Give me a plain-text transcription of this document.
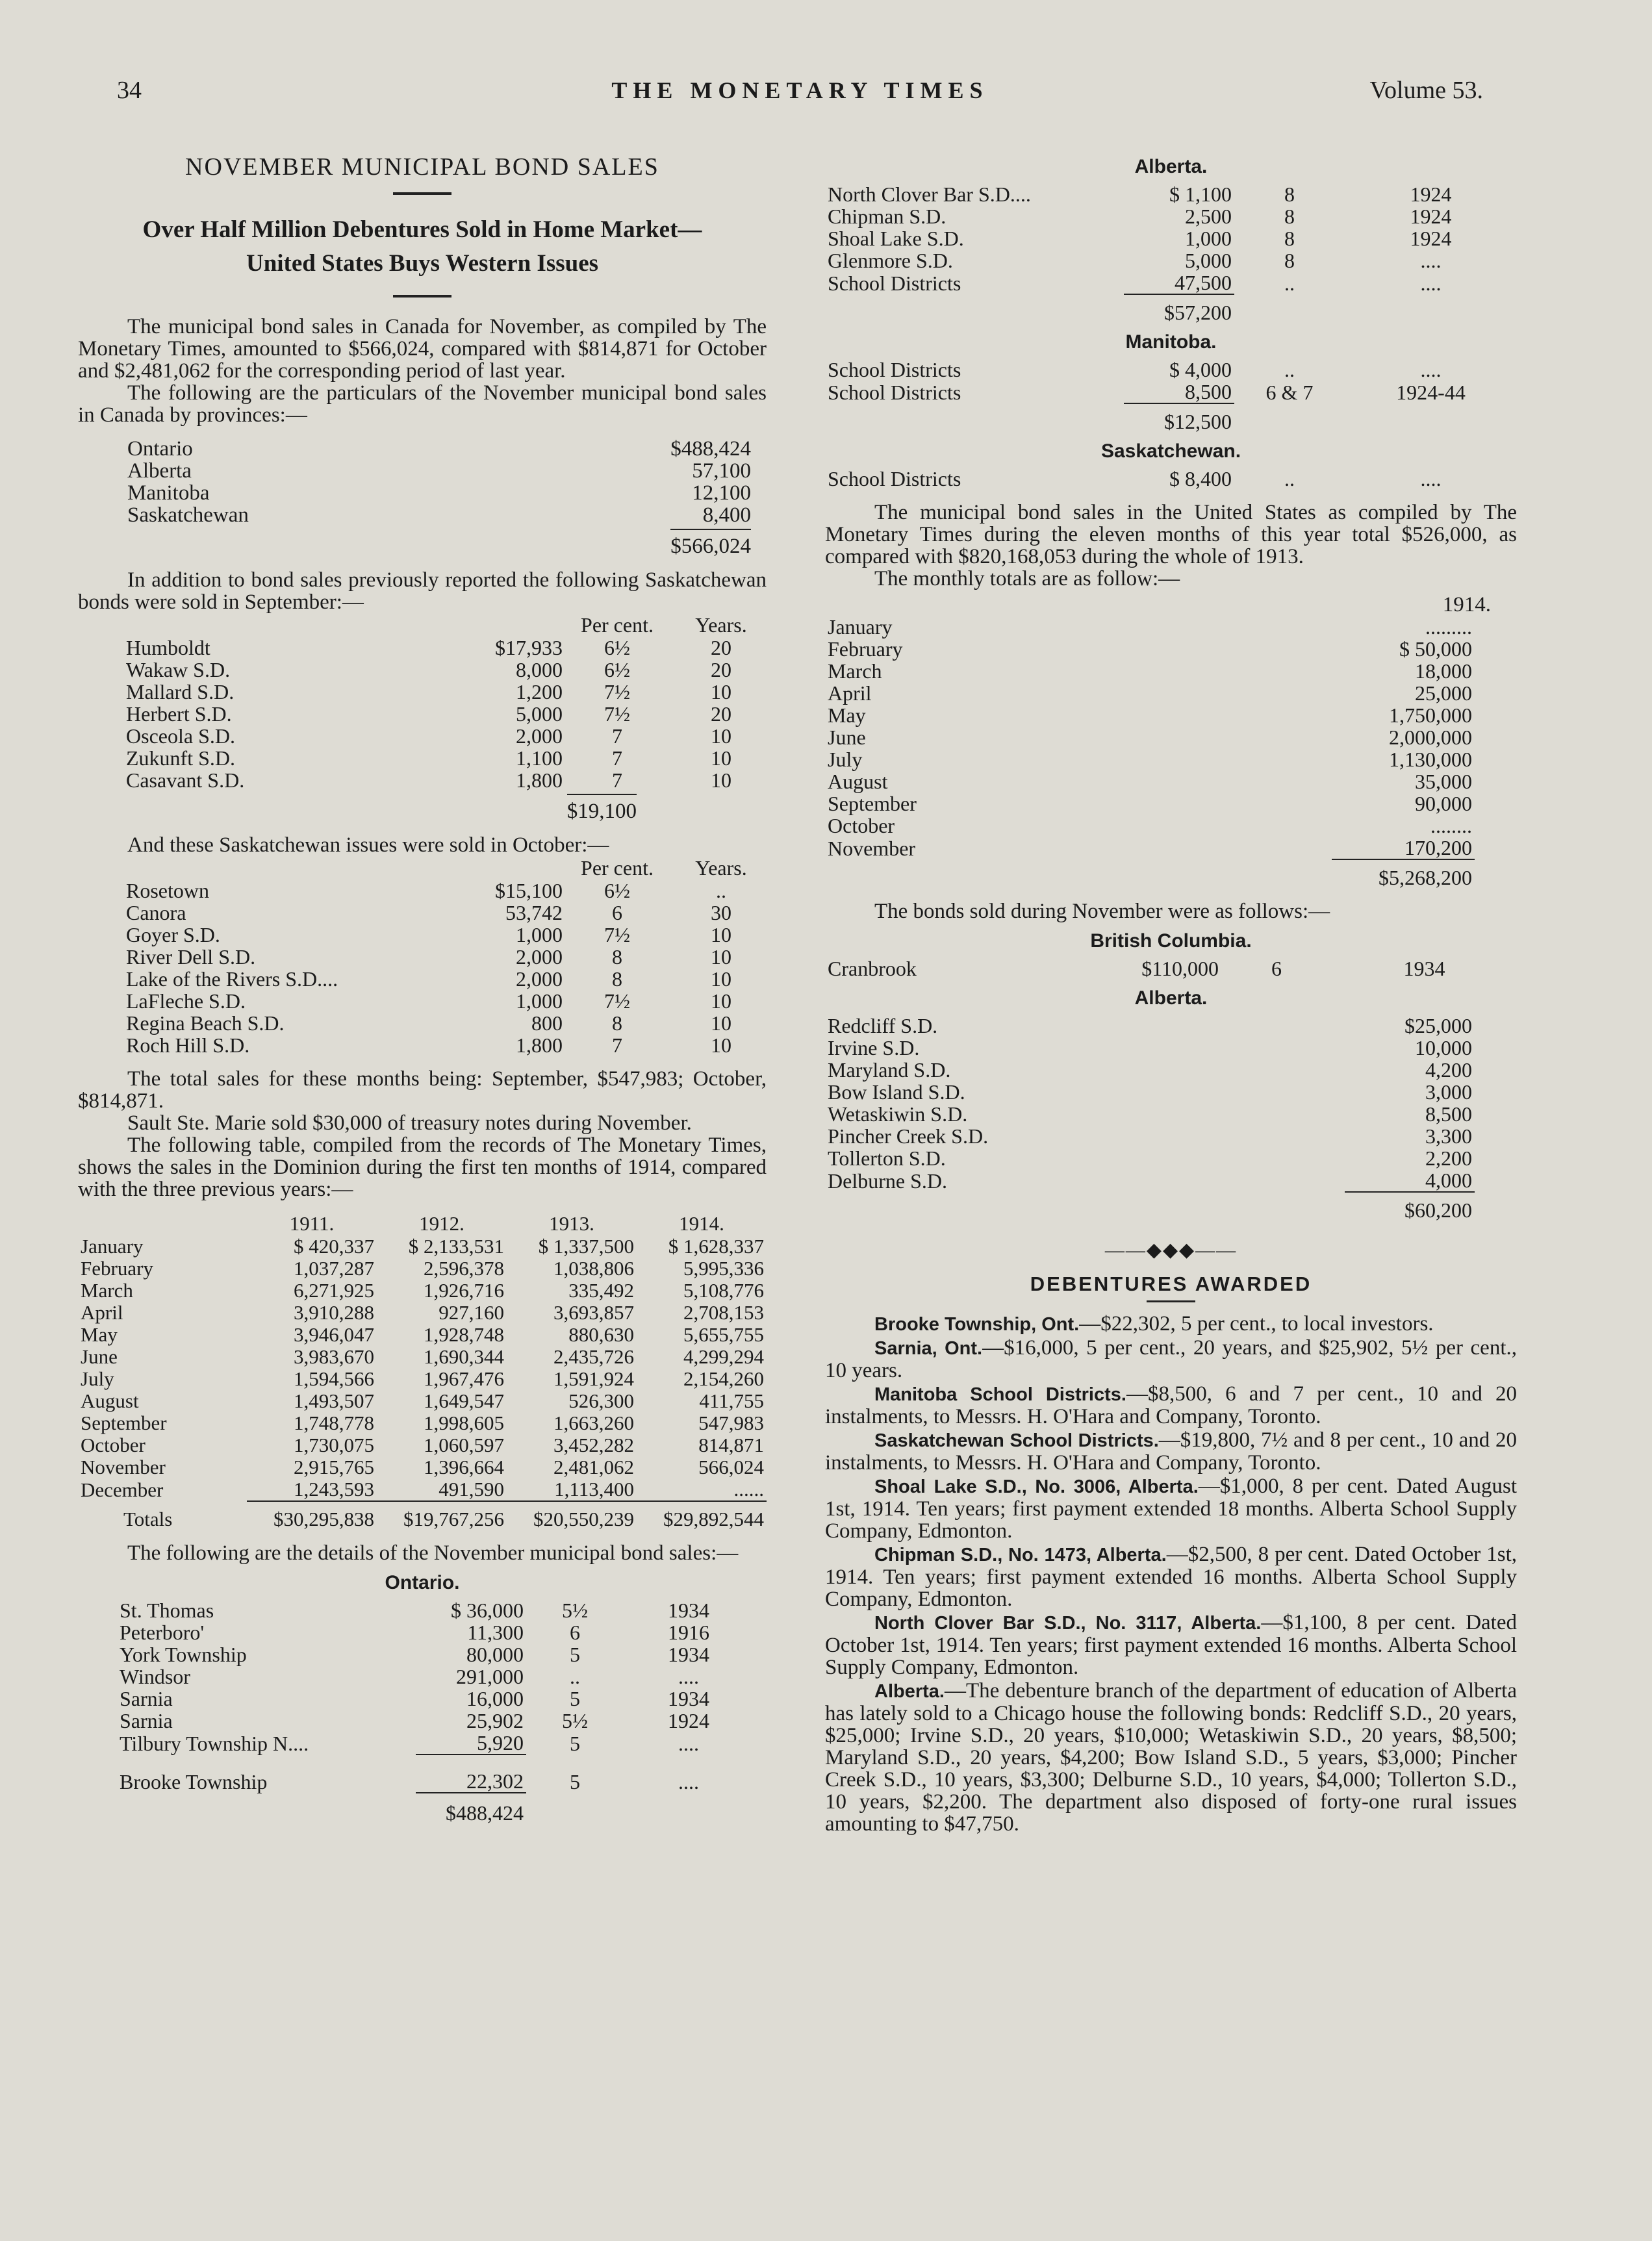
34	THE MONETARY TIMES	Volume 53.
NOVEMBER MUNICIPAL BOND SALES
Over Half Million Debentures Sold in Home Market—
United States Buys Western Issues

The municipal bond sales in Canada for November, as compiled by The Monetary Times, amounted to $566,024, compared with $814,871 for October and $2,481,062 for the corresponding period of last year.

The following are the particulars of the November municipal bond sales in Canada by provinces:—

Ontario	$488,424
Alberta	57,100
Manitoba	12,100
Saskatchewan	8,400
$566,024

In addition to bond sales previously reported the following Saskatchewan bonds were sold in September:—

		Per cent.	Years.
Humboldt	$17,933	6½	20
Wakaw S.D.	8,000	6½	20
Mallard S.D.	1,200	7½	10
Herbert S.D.	5,000	7½	20
Osceola S.D.	2,000	7	10
Zukunft S.D.	1,100	7	10
Casavant S.D.	1,800	7	10
$19,100

And these Saskatchewan issues were sold in October:—

		Per cent.	Years.
Rosetown	$15,100	6½	..
Canora	53,742	6	30
Goyer S.D.	1,000	7½	10
River Dell S.D.	2,000	8	10
Lake of the Rivers S.D....	2,000	8	10
LaFleche S.D.	1,000	7½	10
Regina Beach S.D.	800	8	10
Roch Hill S.D.	1,800	7	10

The total sales for these months being: September, $547,983; October, $814,871.

Sault Ste. Marie sold $30,000 of treasury notes during November.

The following table, compiled from the records of The Monetary Times, shows the sales in the Dominion during the first ten months of 1914, compared with the three previous years:—

	1911.	1912.	1913.	1914.
January	$ 420,337	$ 2,133,531	$ 1,337,500	$ 1,628,337
February	1,037,287	2,596,378	1,038,806	5,995,336
March	6,271,925	1,926,716	335,492	5,108,776
April	3,910,288	927,160	3,693,857	2,708,153
May	3,946,047	1,928,748	880,630	5,655,755
June	3,983,670	1,690,344	2,435,726	4,299,294
July	1,594,566	1,967,476	1,591,924	2,154,260
August	1,493,507	1,649,547	526,300	411,755
September	1,748,778	1,998,605	1,663,260	547,983
October	1,730,075	1,060,597	3,452,282	814,871
November	2,915,765	1,396,664	2,481,062	566,024
December	1,243,593	491,590	1,113,400	......
Totals	$30,295,838	$19,767,256	$20,550,239	$29,892,544

The following are the details of the November municipal bond sales:—

Ontario.
St. Thomas	$ 36,000	5½	1934
Peterboro'	11,300	6	1916
York Township	80,000	5	1934
Windsor	291,000	..	....
Sarnia	16,000	5	1934
Sarnia	25,902	5½	1924
Tilbury Township N....	5,920	5	....

Brooke Township	22,302	5	....

	$488,424		
Alberta.
North Clover Bar S.D....	$ 1,100	8	1924
Chipman S.D.	2,500	8	1924
Shoal Lake S.D.	1,000	8	1924
Glenmore S.D.	5,000	8	....
School Districts	47,500	..	....
	$57,200		
Manitoba.
School Districts	$ 4,000	..	....
School Districts	8,500	6 & 7	1924-44
	$12,500		
Saskatchewan.
School Districts	$ 8,400	..	....

The municipal bond sales in the United States as compiled by The Monetary Times during the eleven months of this year total $526,000, as compared with $820,168,053 during the whole of 1913.

The monthly totals are as follow:—

1914.
January	.........
February	$ 50,000
March	18,000
April	25,000
May	1,750,000
June	2,000,000
July	1,130,000
August	35,000
September	90,000
October	........
November	170,200
	$5,268,200

The bonds sold during November were as follows:—

British Columbia.
Cranbrook	$110,000	6	1934
Alberta.
Redcliff S.D.	$25,000
Irvine S.D.	10,000
Maryland S.D.	4,200
Bow Island S.D.	3,000
Wetaskiwin S.D.	8,500
Pincher Creek S.D.	3,300
Tollerton S.D.	2,200
Delburne S.D.	4,000
	$60,200
——◆◆◆——
DEBENTURES AWARDED

Brooke Township, Ont.—$22,302, 5 per cent., to local investors.

Sarnia, Ont.—$16,000, 5 per cent., 20 years, and $25,902, 5½ per cent., 10 years.

Manitoba School Districts.—$8,500, 6 and 7 per cent., 10 and 20 instalments, to Messrs. H. O'Hara and Company, Toronto.

Saskatchewan School Districts.—$19,800, 7½ and 8 per cent., 10 and 20 instalments, to Messrs. H. O'Hara and Company, Toronto.

Shoal Lake S.D., No. 3006, Alberta.—$1,000, 8 per cent. Dated August 1st, 1914. Ten years; first payment extended 18 months. Alberta School Supply Company, Edmonton.

Chipman S.D., No. 1473, Alberta.—$2,500, 8 per cent. Dated October 1st, 1914. Ten years; first payment extended 16 months. Alberta School Supply Company, Edmonton.

North Clover Bar S.D., No. 3117, Alberta.—$1,100, 8 per cent. Dated October 1st, 1914. Ten years; first payment extended 16 months. Alberta School Supply Company, Edmonton.

Alberta.—The debenture branch of the department of education of Alberta has lately sold to a Chicago house the following bonds: Redcliff S.D., 20 years, $25,000; Irvine S.D., 20 years, $10,000; Wetaskiwin S.D., 20 years, $8,500; Maryland S.D., 20 years, $4,200; Bow Island S.D., 5 years, $3,000; Pincher Creek S.D., 10 years, $3,300; Delburne S.D., 10 years, $4,000; Tollerton S.D., 10 years, $2,200. The department also disposed of forty-one rural issues amounting to $47,750.
